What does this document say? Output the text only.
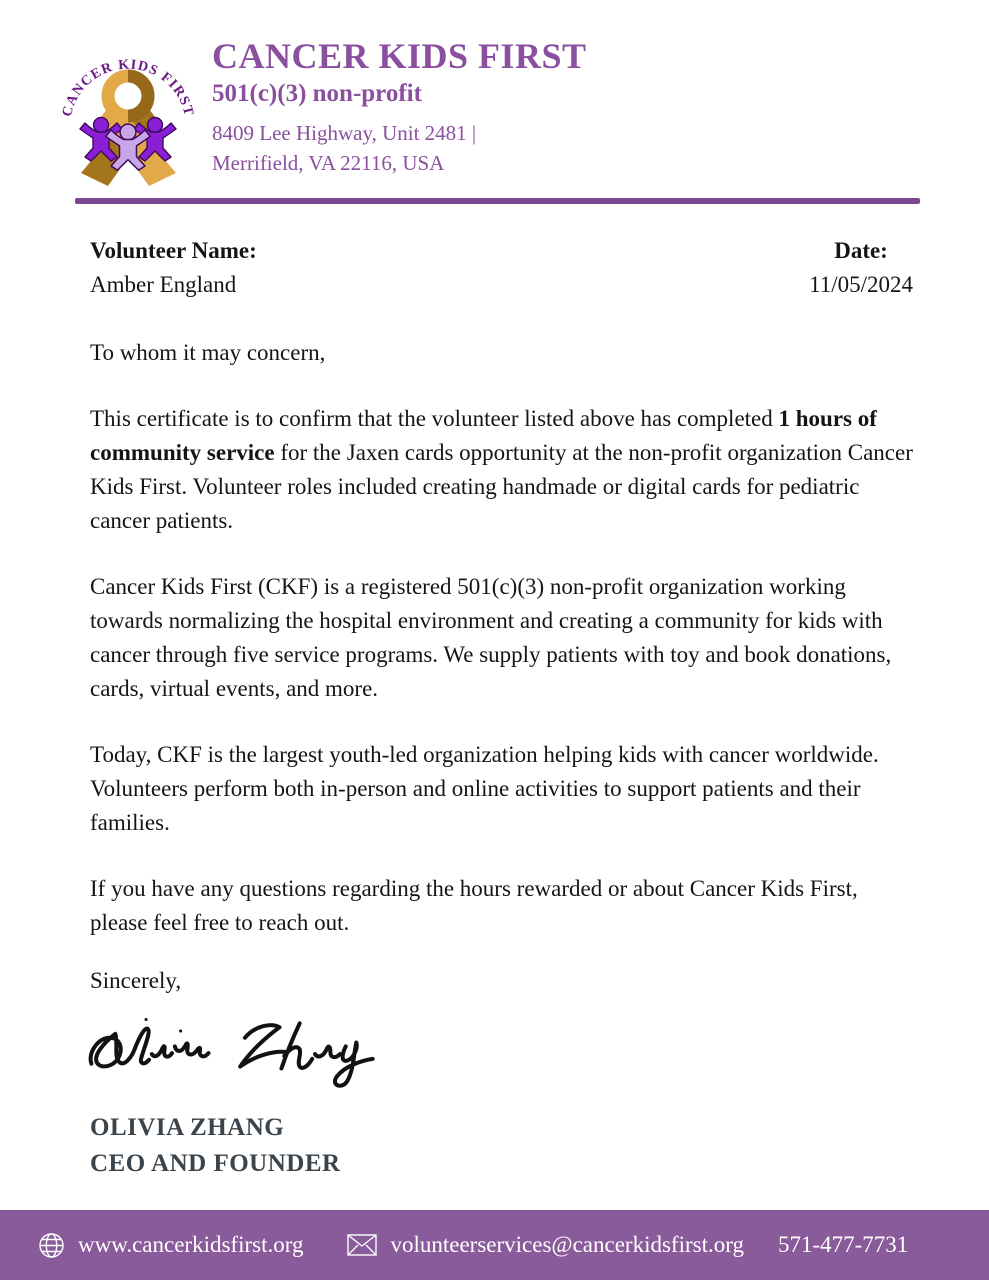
CANCER KIDS FIRST
CANCER KIDS FIRST
501(c)(3) non-profit
8409 Lee Highway, Unit 2481 |
Merrifield, VA 22116, USA
Volunteer Name:
Amber England
Date:
11/05/2024
To whom it may concern,
This certificate is to confirm that the volunteer listed above has completed 1 hours of community service for the Jaxen cards opportunity at the non-profit organization Cancer Kids First. Volunteer roles included creating handmade or digital cards for pediatric cancer patients.
Cancer Kids First (CKF) is a registered 501(c)(3) non-profit organization working towards normalizing the hospital environment and creating a community for kids with cancer through five service programs. We supply patients with toy and book donations, cards, virtual events, and more.
Today, CKF is the largest youth-led organization helping kids with cancer worldwide. Volunteers perform both in-person and online activities to support patients and their families.
If you have any questions regarding the hours rewarded or about Cancer Kids First, please feel free to reach out.
Sincerely,
OLIVIA ZHANG
CEO AND FOUNDER
www.cancerkidsfirst.org	volunteerservices@cancerkidsfirst.org 571-477-7731
